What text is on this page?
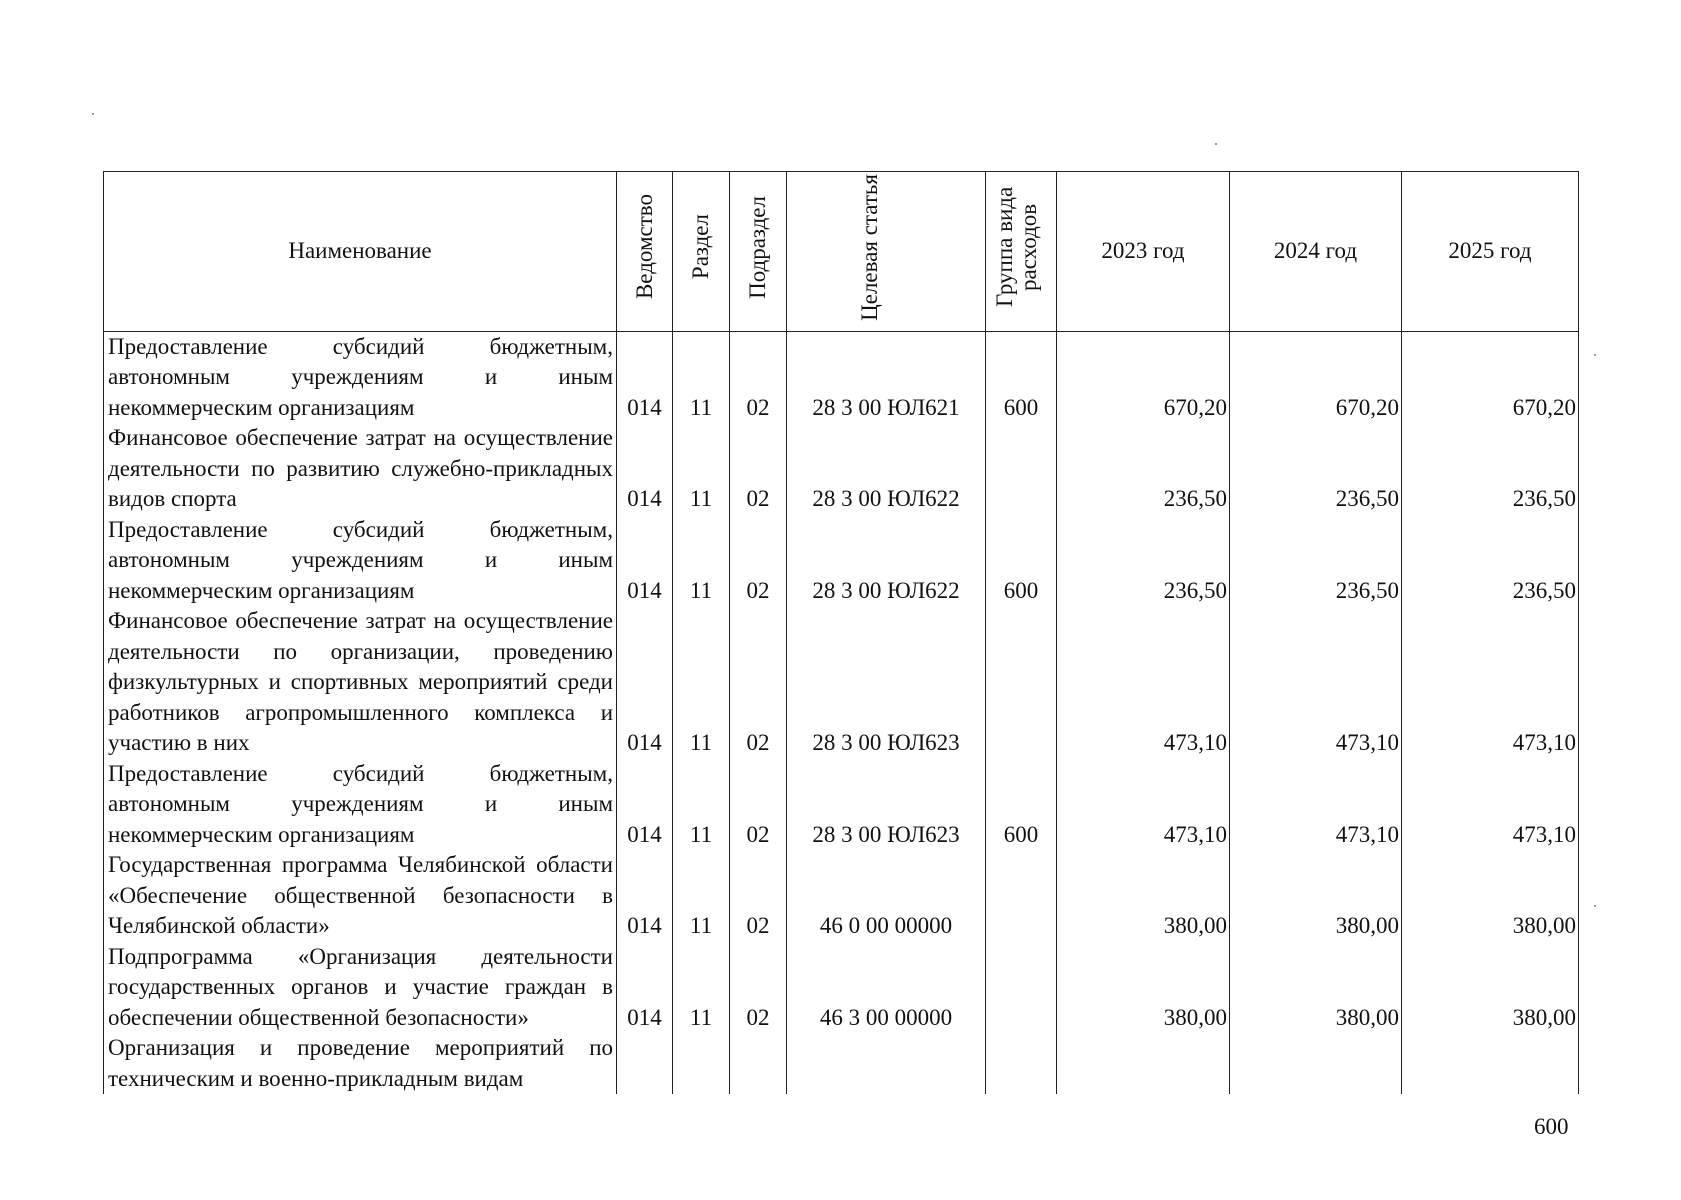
Наименование	Ведомство	Раздел	Подраздел	Целевая статья	Группа вида расходов	2023 год	2024 год	2025 год
Предоставление субсидий бюджетным, автономным учреждениям и иным некоммерческим организациям	014	11	02	28 3 00 ЮЛ621	600	670,20	670,20	670,20
Финансовое обеспечение затрат на осуществление деятельности по развитию служебно-прикладных видов спорта	014	11	02	28 3 00 ЮЛ622		236,50	236,50	236,50
Предоставление субсидий бюджетным, автономным учреждениям и иным некоммерческим организациям	014	11	02	28 3 00 ЮЛ622	600	236,50	236,50	236,50
Финансовое обеспечение затрат на осуществление деятельности по организации, проведению физкультурных и спортивных мероприятий среди работников агропромышленного комплекса и участию в них	014	11	02	28 3 00 ЮЛ623		473,10	473,10	473,10
Предоставление субсидий бюджетным, автономным учреждениям и иным некоммерческим организациям	014	11	02	28 3 00 ЮЛ623	600	473,10	473,10	473,10
Государственная программа Челябинской области «Обеспечение общественной безопасности в Челябинской области»	014	11	02	46 0 00 00000		380,00	380,00	380,00
Подпрограмма «Организация деятельности государственных органов и участие граждан в обеспечении общественной безопасности»	014	11	02	46 3 00 00000		380,00	380,00	380,00
Организация и проведение мероприятий по техническим и военно-прикладным видам								
600
